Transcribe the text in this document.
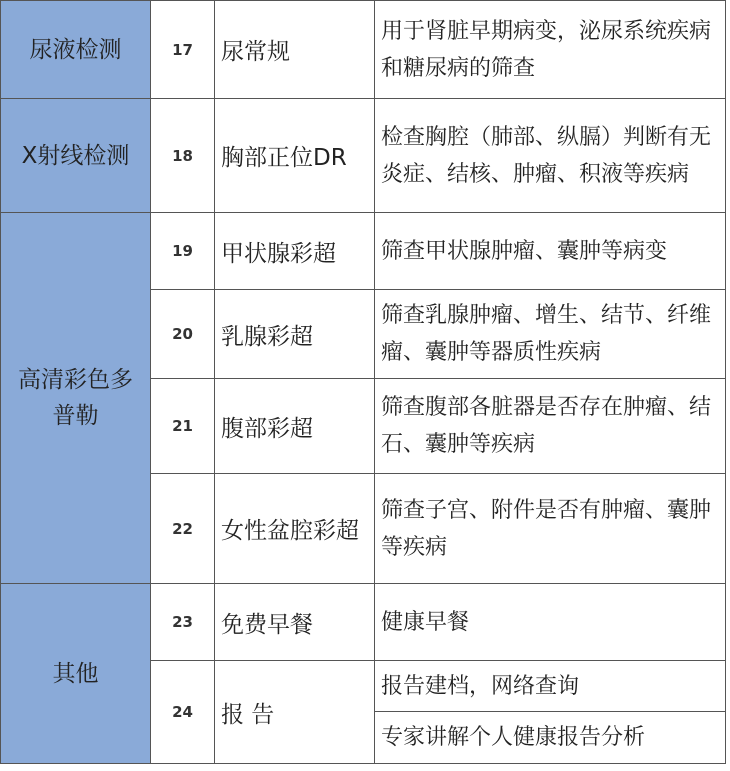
尿液检测	17	尿常规	用于肾脏早期病变，泌尿系统疾病和糖尿病的筛查
X射线检测	18	胸部正位DR	检查胸腔（肺部、纵膈）判断有无炎症、结核、肿瘤、积液等疾病
高清彩色多普勒	19	甲状腺彩超	筛查甲状腺肿瘤、囊肿等病变
	20	乳腺彩超	筛查乳腺肿瘤、增生、结节、纤维瘤、囊肿等器质性疾病
	21	腹部彩超	筛查腹部各脏器是否存在肿瘤、结石、囊肿等疾病
	22	女性盆腔彩超	筛查子宫、附件是否有肿瘤、囊肿等疾病
其他	23	免费早餐	健康早餐
	24	报 告	报告建档，网络查询
			专家讲解个人健康报告分析
